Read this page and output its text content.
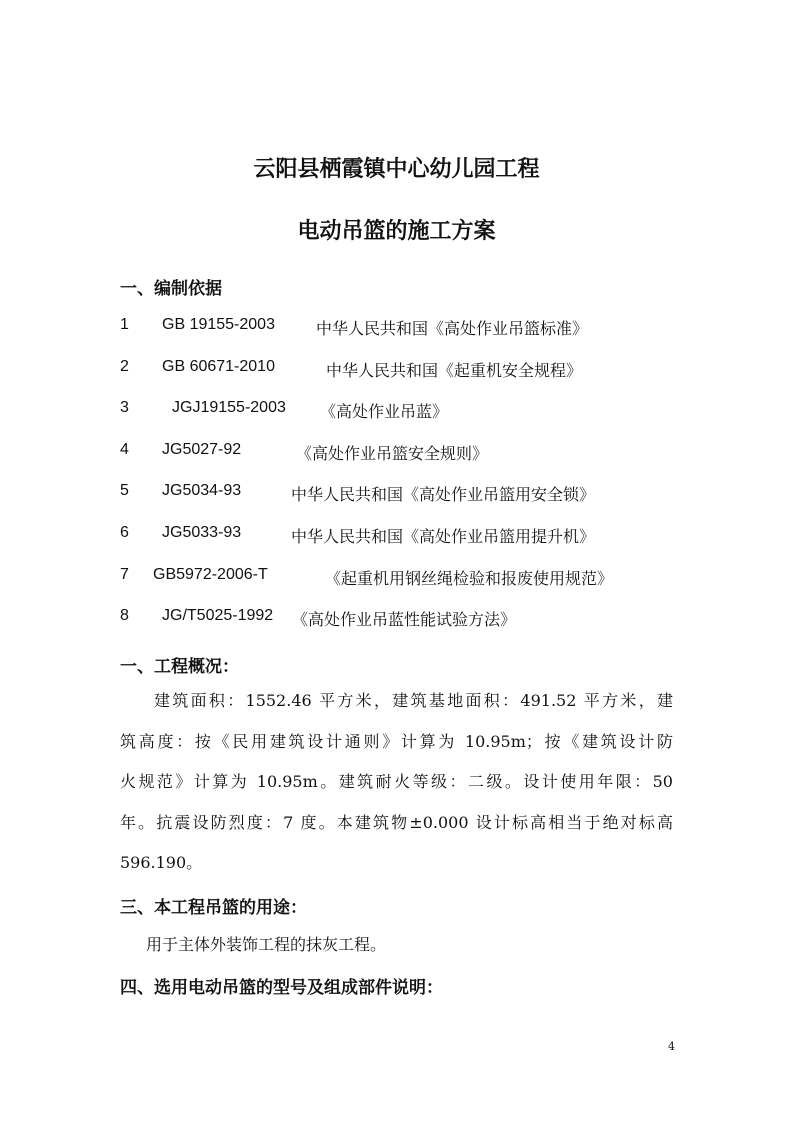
云阳县栖霞镇中心幼儿园工程
电动吊篮的施工方案
一、编制依据
1 GB 19155-2003	中华人民共和国《高处作业吊篮标准》
2 GB 60671-2010	中华人民共和国《起重机安全规程》
3	JGJ19155-2003 《高处作业吊蓝》
4 JG5027-92	《高处作业吊篮安全规则》
5 JG5034-93	中华人民共和国《高处作业吊篮用安全锁》
6 JG5033-93	中华人民共和国《高处作业吊篮用提升机》
7 GB5972-2006-T	《起重机用钢丝绳检验和报废使用规范》
8 JG/T5025-1992 《高处作业吊蓝性能试验方法》
一、工程概况：
建筑面积：1552.46 平方米，建筑基地面积：491.52 平方米，建
筑高度：按《民用建筑设计通则》计算为 10.95m；按《建筑设计防
火规范》计算为 10.95m。建筑耐火等级：二级。设计使用年限：50
年。抗震设防烈度：7 度。本建筑物±0.000 设计标高相当于绝对标高
596.190。
三、本工程吊篮的用途：
用于主体外装饰工程的抹灰工程。
四、选用电动吊篮的型号及组成部件说明：
4
